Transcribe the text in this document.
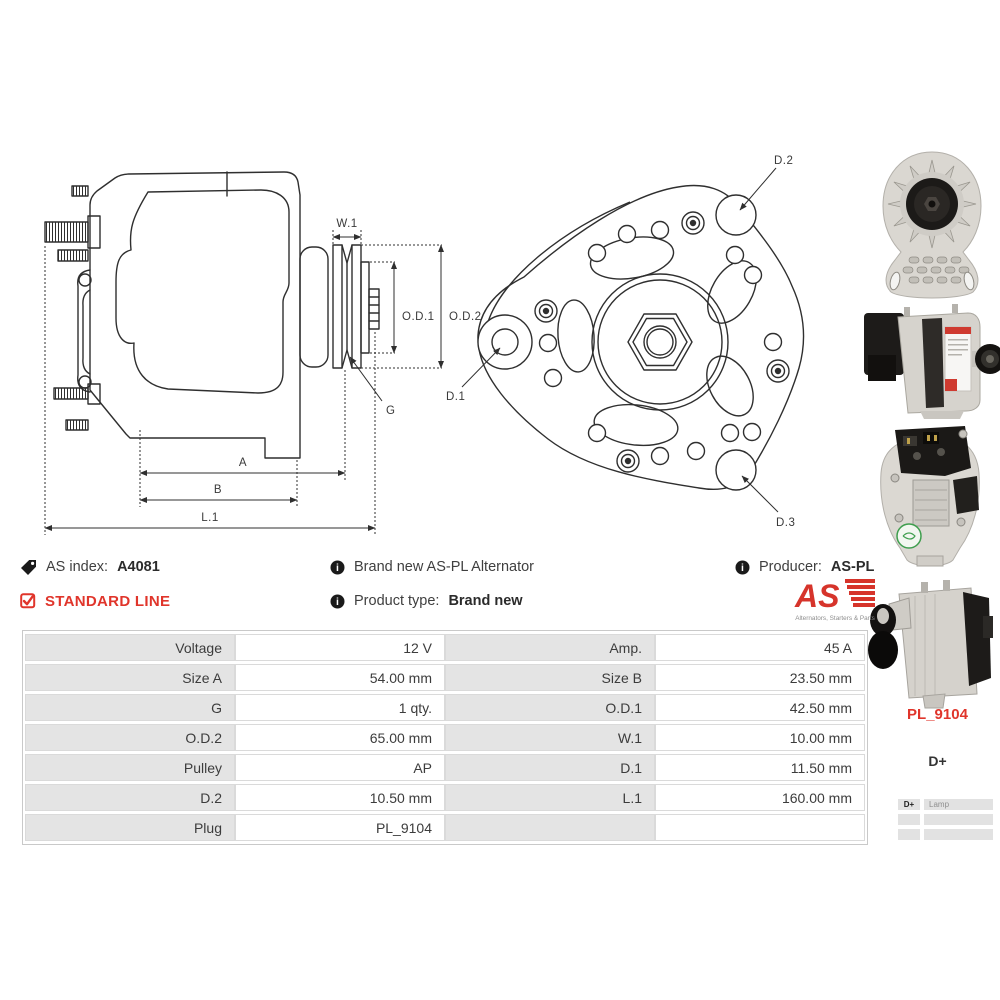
W.1
O.D.1 O.D.2
G
A
B
L.1
D.2
D.1
D.3
AS index: A4081	i Brand new AS-PL Alternator	i Producer: AS-PL
STANDARD LINE	i Product type: Brand new	AS
Alternators, Starters & Parts
Voltage	12 V	Amp.	45 A
Size A	54.00 mm	Size B	23.50 mm
G	1 qty.	O.D.1	42.50 mm
O.D.2	65.00 mm	W.1	10.00 mm
Pulley	AP	D.1	11.50 mm
D.2	10.50 mm	L.1	160.00 mm
Plug	PL_9104		
PL_9104
D+
D+	Lamp
